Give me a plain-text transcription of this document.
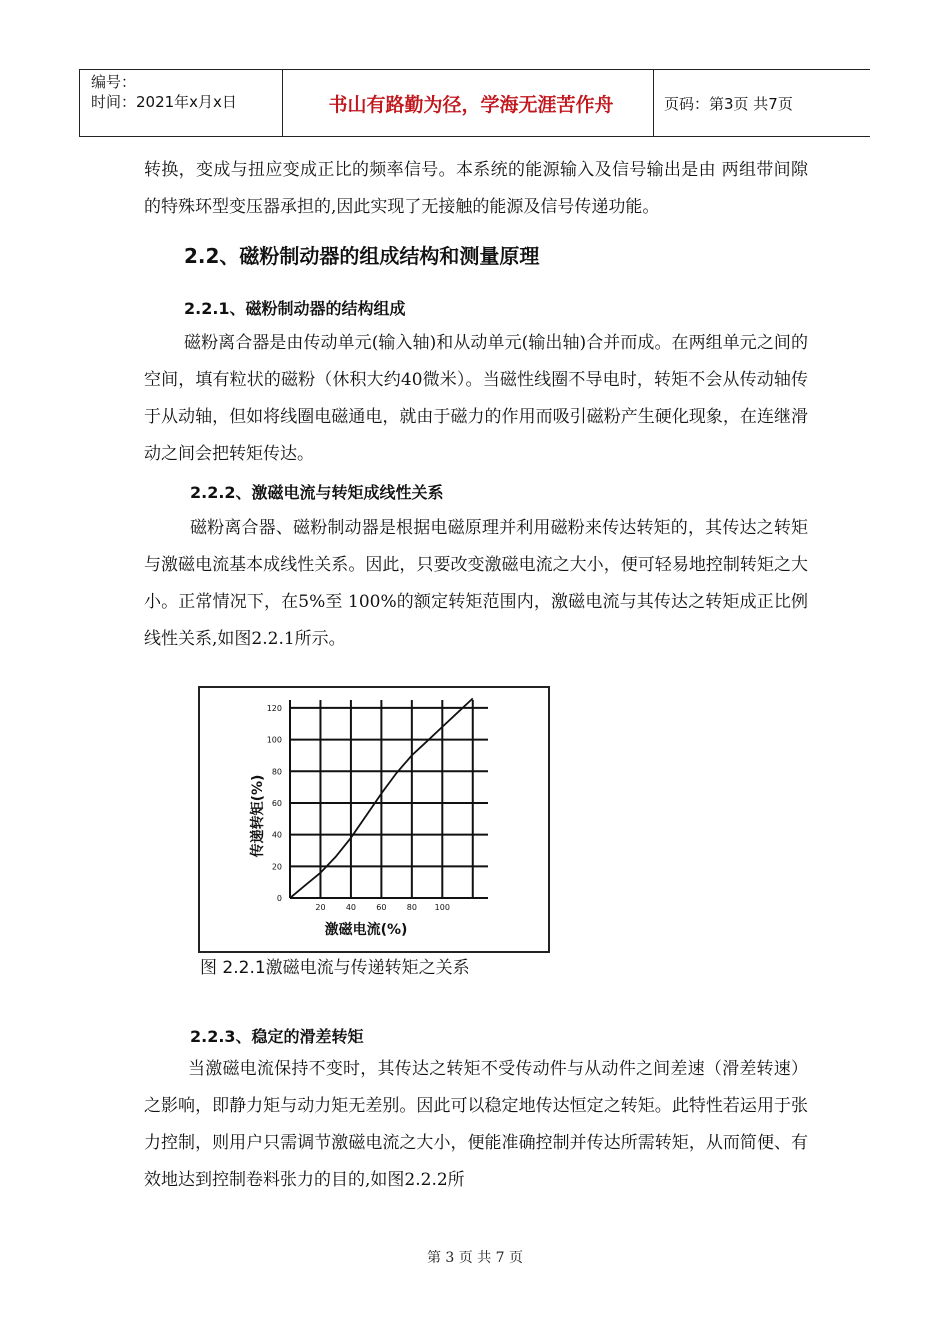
编号：
时间：2021年x月x日	书山有路勤为径，学海无涯苦作舟	页码：第3页 共7页

转换，变成与扭应变成正比的频率信号。本系统的能源输入及信号输出是由 两组带间隙的特殊环型变压器承担的,因此实现了无接触的能源及信号传递功能。

2.2、磁粉制动器的组成结构和测量原理
2.2.1、磁粉制动器的结构组成

磁粉离合器是由传动单元(输入轴)和从动单元(输出轴)合并而成。在两组单元之间的空间，填有粒状的磁粉（休积大约40微米）。当磁性线圈不导电时，转矩不会从传动轴传于从动轴，但如将线圈电磁通电，就由于磁力的作用而吸引磁粉产生硬化现象，在连继滑动之间会把转矩传达。

2.2.2、激磁电流与转矩成线性关系

磁粉离合器、磁粉制动器是根据电磁原理并利用磁粉来传达转矩的，其传达之转矩与激磁电流基本成线性关系。因此，只要改变激磁电流之大小，便可轻易地控制转矩之大小。正常情况下，在5%至 100%的额定转矩范围内，激磁电流与其传达之转矩成正比例线性关系,如图2.2.1所示。

0
20
40
60
80
100
120
20	40	60	80 100
传递转矩(%)
激磁电流(%)
图 2.2.1激磁电流与传递转矩之关系
2.2.3、稳定的滑差转矩

当激磁电流保持不变时，其传达之转矩不受传动件与从动件之间差速（滑差转速）之影响，即静力矩与动力矩无差别。因此可以稳定地传达恒定之转矩。此特性若运用于张力控制，则用户只需调节激磁电流之大小，便能准确控制并传达所需转矩，从而简便、有效地达到控制卷料张力的目的,如图2.2.2所

第 3 页 共 7 页
